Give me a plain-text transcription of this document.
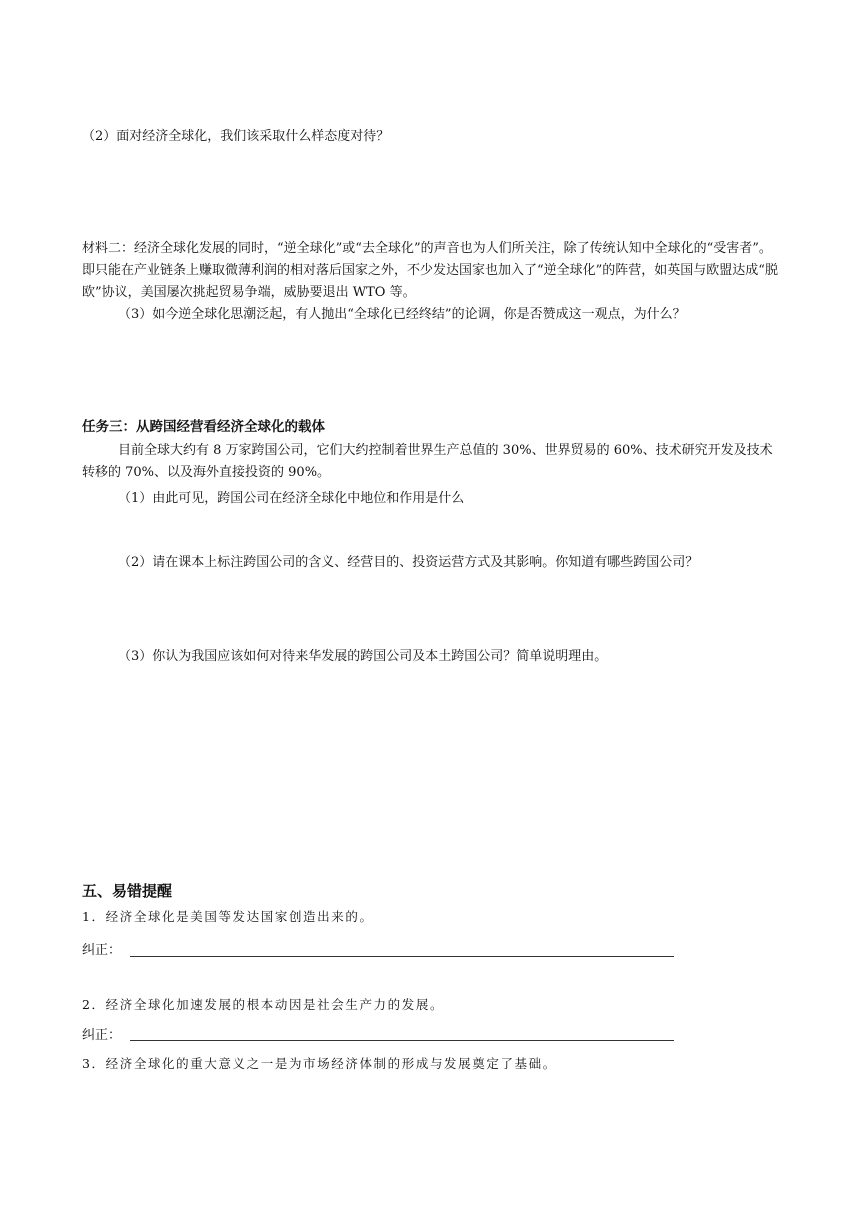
（2）面对经济全球化，我们该采取什么样态度对待？
材料二：经济全球化发展的同时，“逆全球化”或“去全球化”的声音也为人们所关注，除了传统认知中全球化的“受害者”。即只能在产业链条上赚取微薄利润的相对落后国家之外，不少发达国家也加入了“逆全球化”的阵营，如英国与欧盟达成“脱欧”协议，美国屡次挑起贸易争端，威胁要退出 WTO 等。
（3）如今逆全球化思潮泛起，有人抛出“全球化已经终结”的论调，你是否赞成这一观点，为什么？
任务三：从跨国经营看经济全球化的载体
目前全球大约有 8 万家跨国公司，它们大约控制着世界生产总值的 30%、世界贸易的 60%、技术研究开发及技术转移的 70%、以及海外直接投资的 90%。
（1）由此可见，跨国公司在经济全球化中地位和作用是什么
（2）请在课本上标注跨国公司的含义、经营目的、投资运营方式及其影响。你知道有哪些跨国公司？
（3）你认为我国应该如何对待来华发展的跨国公司及本土跨国公司？简单说明理由。
五、易错提醒
1．经济全球化是美国等发达国家创造出来的。
纠正：
2．经济全球化加速发展的根本动因是社会生产力的发展。
纠正：
3．经济全球化的重大意义之一是为市场经济体制的形成与发展奠定了基础。
